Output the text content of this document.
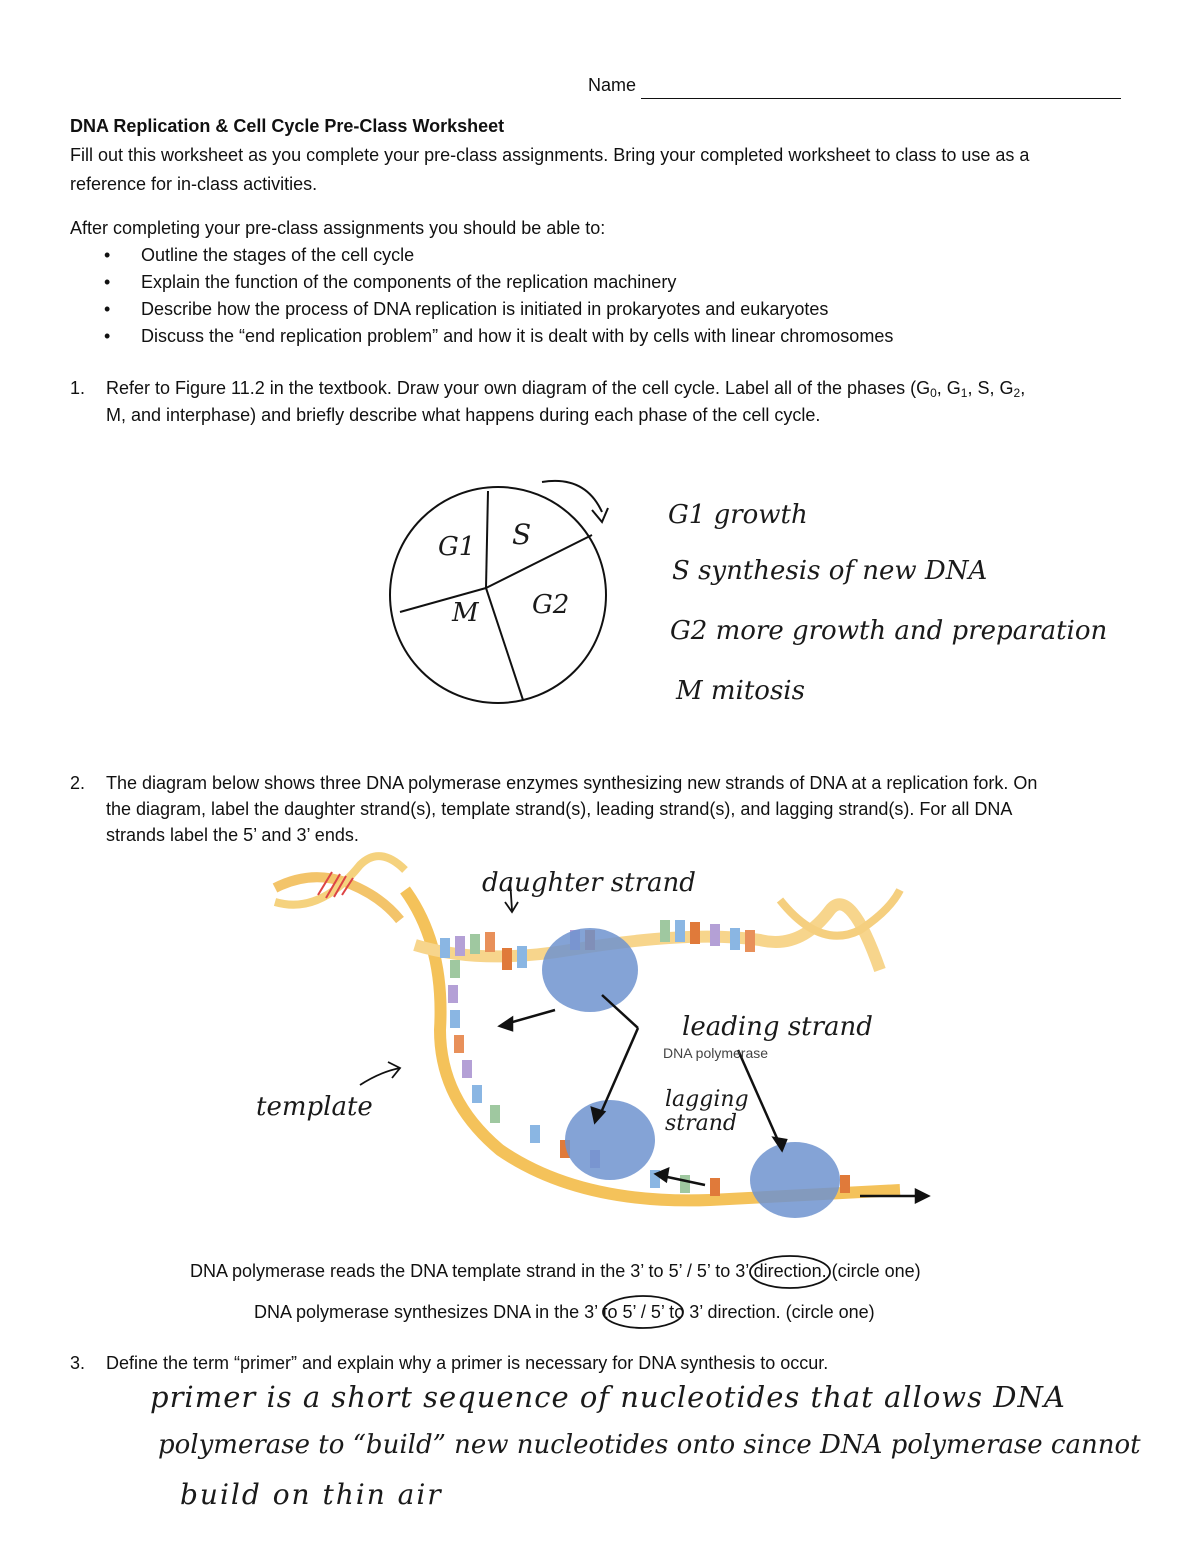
Name
DNA Replication & Cell Cycle Pre-Class Worksheet
Fill out this worksheet as you complete your pre-class assignments. Bring your completed worksheet to class to use as a
reference for in-class activities.
After completing your pre-class assignments you should be able to:
• Outline the stages of the cell cycle
• Explain the function of the components of the replication machinery
• Describe how the process of DNA replication is initiated in prokaryotes and eukaryotes
• Discuss the “end replication problem” and how it is dealt with by cells with linear chromosomes
1. Refer to Figure 11.2 in the textbook. Draw your own diagram of the cell cycle. Label all of the phases ($G_0$, $G_1$, S, $G_2$,
M, and interphase) and briefly describe what happens during each phase of the cell cycle.
G1 S
G2
M
G1 growth
S synthesis of new DNA
G2 more growth and preparation
M mitosis
2. The diagram below shows three DNA polymerase enzymes synthesizing new strands of DNA at a replication fork. On
the diagram, label the daughter strand(s), template strand(s), leading strand(s), and lagging strand(s). For all DNA
strands label the 5’ and 3’ ends.
DNA polymerase
daughter strand
leading strand
lagging strand
template
DNA polymerase reads the DNA template strand in the 3’ to 5’ / 5’ to 3’ direction. (circle one)
DNA polymerase synthesizes DNA in the 3’ to 5’ / 5’ to 3’ direction. (circle one)
3. Define the term “primer” and explain why a primer is necessary for DNA synthesis to occur.
primer is a short sequence of nucleotides that allows DNA
polymerase to “build” new nucleotides onto since DNA polymerase cannot
build on thin air
